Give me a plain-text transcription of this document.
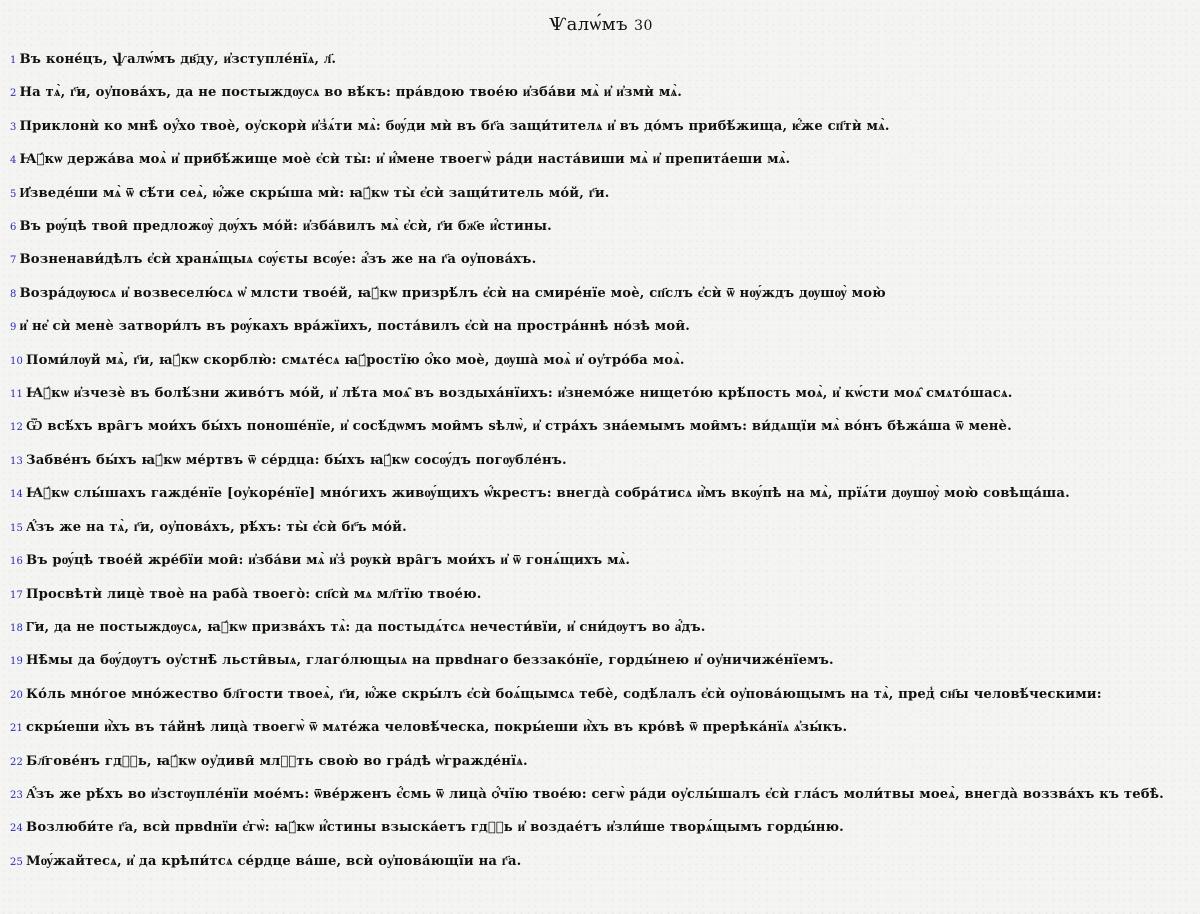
Ѱалѡ́мъ 30
1 Въ коне́цъ, ѱалѡ́мъ дв҃ду, и҆зступле́нїѧ, л҃.
2 На тѧ̀, г҃и, оу҆пова́хъ, да не постыждѹсѧ во вѣ́къ: пра́вдою твое́ю и҆зба́ви мѧ̀ и҆ и҆змѝ мѧ̀.
3 Приклонѝ ко мнѣ̀ оу҆́хо твоѐ, оу҆скорѝ и҆з̾ѧ́ти мѧ̀: бѹ́ди мѝ въ бг҃а защи́тителѧ и҆ въ до́мъ прибѣ́жища, ѥ҆́же сп҃тѝ мѧ̀.
4 Ꙗ҆́кѡ держа́ва моѧ̀ и҆ прибѣ́жище моѐ є҆сѝ ты̀: и҆ и҆́мене твоегѡ̀ ра́ди наста́виши мѧ̀ и҆ препита́еши мѧ̀.
5 И҆зведе́ши мѧ̀ ѿ сѣ́ти сеѧ̀, ю҆́же скры́ша мѝ: ꙗ҆́кѡ ты̀ є҆сѝ защи́титель мо́й, г҃и.
6 Въ рѹ́цѣ твои̑ предложѹ̀ дѹ́хъ мо́й: и҆зба́вилъ мѧ̀ є҆сѝ, г҃и бж҃е и҆́стины.
7 Возненави́дѣлъ є҆сѝ хранѧ́щыѧ сѹ́єты всѹ́е: а҆́зъ же на г҃а оу҆пова́хъ.
8 Возра́дѹюсѧ и҆ возвеселю́сѧ ѡ҆ млcти твое́й, ꙗ҆́кѡ призрѣ́лъ є҆сѝ на смире́нїе моѐ, сп҃слъ є҆сѝ ѿ нѹ́ждъ дѹшѹ̀ мою̀
9 и҆ не҆ сѝ менѐ затвори́лъ въ рѹ́кахъ вра́жїихъ, поста́вилъ є҆сѝ на простра́ннѣ но́зѣ мои̑.
10 Поми́лѹй мѧ̀, г҃и, ꙗ҆́кѡ скорблю̀: смѧте́сѧ ꙗ҆́ростїю ѻ҆́ко моѐ, дѹша̀ моѧ̀ и҆ оу҆тро́ба моѧ̀.
11 Ꙗ҆́кѡ и҆зчезѐ въ болѣ́зни живо́тъ мо́й, и҆ лѣ́та моѧ̑ въ воздыха́нїихъ: и҆знемо́же нището́ю крѣ́пость моѧ̀, и҆ кѡ́сти моѧ̑ смѧто́шасѧ.
12 Ѿ всѣ́хъ вра̑гъ мои́хъ бы́хъ поноше́нїе, и҆ сосѣ́дѡмъ мои̑мъ ѕѣлѡ̀, и҆ стра́хъ зна́емымъ мои̑мъ: ви́дѧщїи мѧ̀ во́нъ бѣжа́ша ѿ менѐ.
13 Забве́нъ бы́хъ ꙗ҆́кѡ ме́ртвъ ѿ се́рдца: бы́хъ ꙗ҆́кѡ сосѹ́дъ погѹбле́нъ.
14 Ꙗ҆́кѡ слы́шахъ гажде́нїе [оу҆коре́нїе] мно́гихъ живѹ́щихъ ѡ҆́крестъ: внегда̀ собра́тисѧ и҆̀мъ вкѹ́пѣ на мѧ̀, прїѧ́ти дѹшѹ̀ мою̀ совѣща́ша.
15 А҆́зъ же на тѧ̀, г҃и, оу҆пова́хъ, рѣ́хъ: ты̀ є҆сѝ бг҃ъ мо́й.
16 Въ рѹ́цѣ твое́й жре́бїи мои̑: и҆зба́ви мѧ̀ и҆з̾ рѹкѝ вра̑гъ мои́хъ и҆ ѿ гонѧ́щихъ мѧ̀.
17 Просвѣтѝ лицѐ твоѐ на раба̀ твоего̀: сп҃сѝ мѧ мл҃тїю твое́ю.
18 Г҃и, да не постыждѹсѧ, ꙗ҆́кѡ призва́хъ тѧ̀: да постыдѧ́тсѧ нечести́вїи, и҆ сни́дѹтъ во а҆́дъ.
19 Нѣ̑мы да бѹ́дѹтъ оу҆стнѣ̑ льсти̑выѧ, глаго́лющыѧ на првdнаго беззако́нїе, горды́нею и҆ оу҆ничиже́нїемъ.
20 Ко́ль мно́гое мно́жество бл҃гости твоеѧ̀, г҃и, ю҆́же скры́лъ є҆сѝ боѧ́щымсѧ тебѐ, содѣ́лалъ є҆сѝ оу҆пова́ющымъ на тѧ̀, пред̾ сн҃ы человѣ́ческими:
21 скры́еши и҆̀хъ въ та́йнѣ лица̀ твоегѡ̀ ѿ мѧте́жа человѣ́ческа, покры́еши и҆̀хъ въ кро́вѣ ѿ прерѣка́нїѧ ѧ҆зы́къ.
22 Бл҃гове́нъ гдⷭ҇ь, ꙗ҆́кѡ оу҆диви̑ млⷭ҇ть свою̀ во гра́дѣ ѡ҆гражде́нїѧ.
23 А҆́зъ же рѣ́хъ во и҆зстѹпле́нїи мое́мъ: ѿве́рженъ є҆́смь ѿ лица̀ ѻ҆́чїю твое́ю: сегѡ̀ ра́ди оу҆слы́шалъ є҆сѝ гла́съ моли́твы моеѧ̀, внегда̀ воззва́хъ къ тебѣ̀.
24 Возлюби́те г҃а, всѝ првdнїи є҆гѡ̀: ꙗ҆́кѡ и҆́стины взыска́етъ гдⷭ҇ь и҆ воздае́тъ и҆зли́ше творѧ́щымъ горды́ню.
25 Мѹ́жайтесѧ, и҆ да крѣпи́тсѧ се́рдце ва́ше, всѝ оу҆пова́ющїи на г҃а.
